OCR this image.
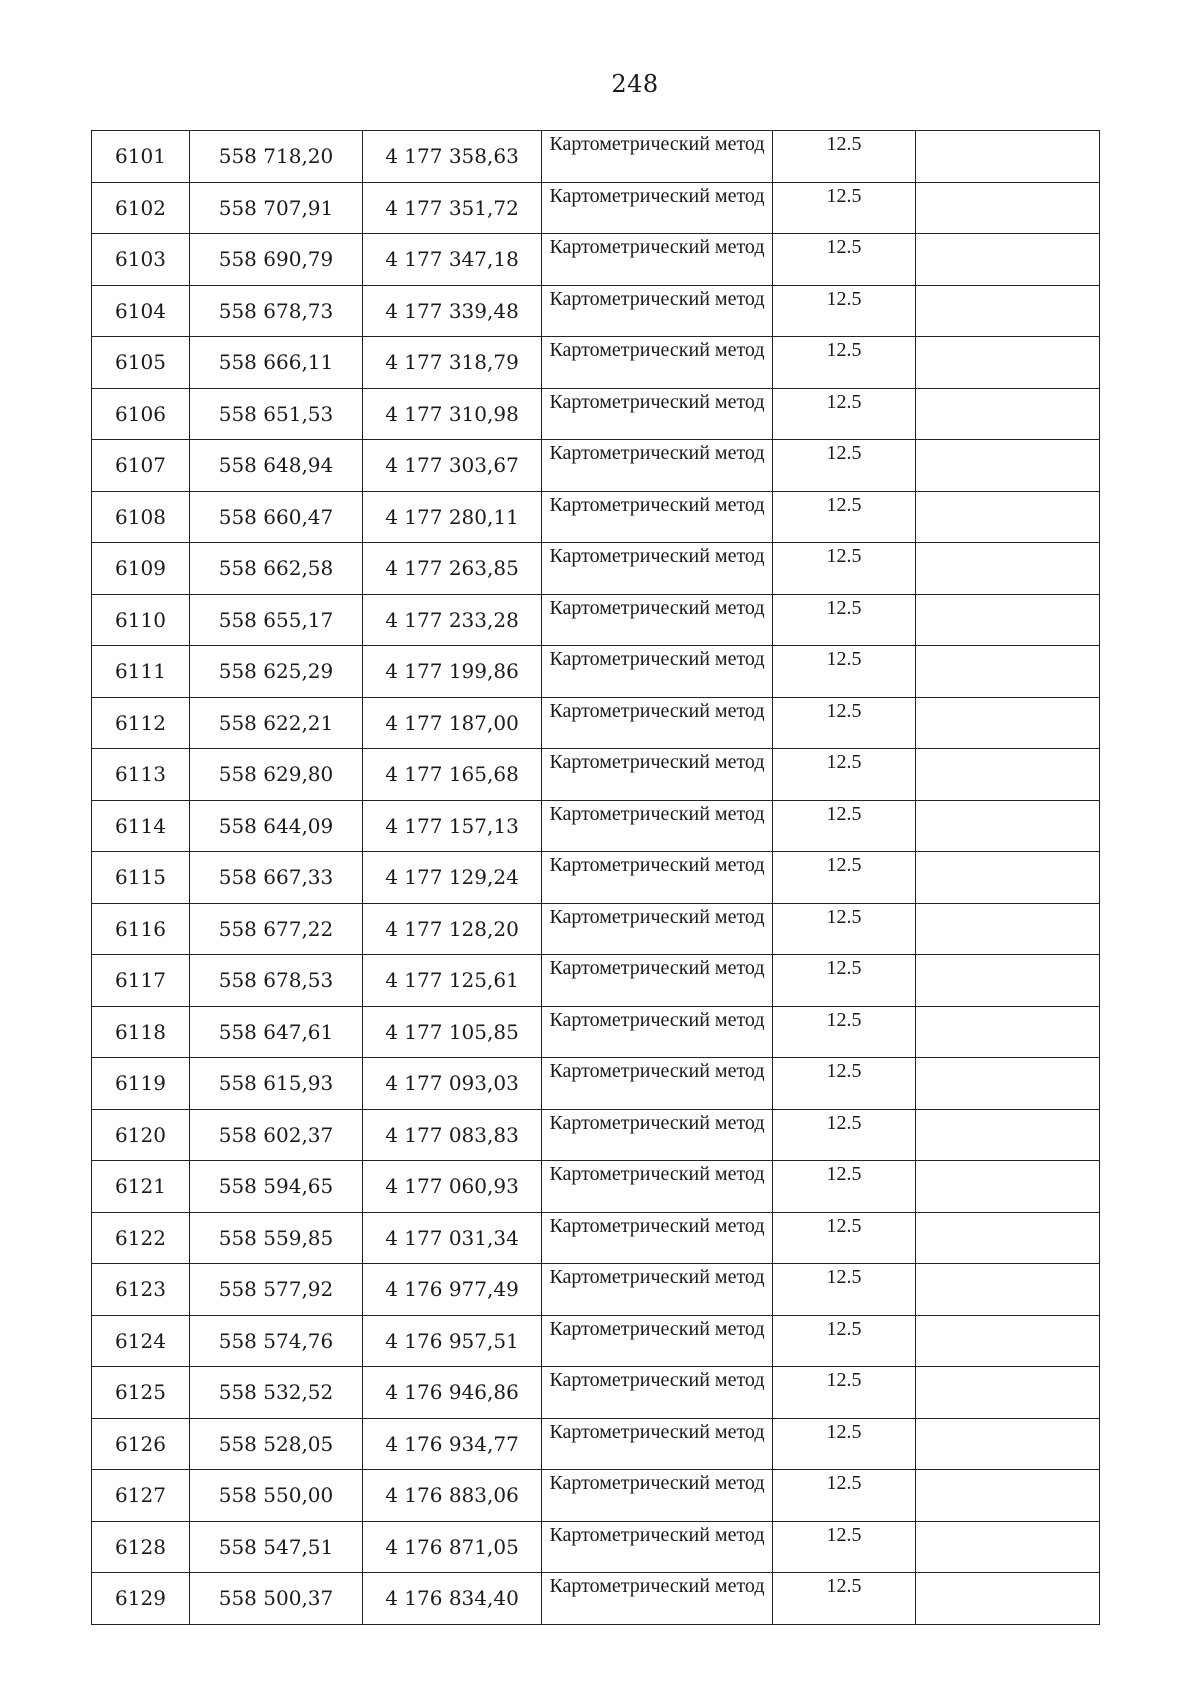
248
6101	558 718,20	4 177 358,63	Картометрический метод	12.5	

6102	558 707,91	4 177 351,72	Картометрический метод	12.5	

6103	558 690,79	4 177 347,18	Картометрический метод	12.5	

6104	558 678,73	4 177 339,48	Картометрический метод	12.5	

6105	558 666,11	4 177 318,79	Картометрический метод	12.5	

6106	558 651,53	4 177 310,98	Картометрический метод	12.5	

6107	558 648,94	4 177 303,67	Картометрический метод	12.5	

6108	558 660,47	4 177 280,11	Картометрический метод	12.5	

6109	558 662,58	4 177 263,85	Картометрический метод	12.5	

6110	558 655,17	4 177 233,28	Картометрический метод	12.5	

6111	558 625,29	4 177 199,86	Картометрический метод	12.5	

6112	558 622,21	4 177 187,00	Картометрический метод	12.5	

6113	558 629,80	4 177 165,68	Картометрический метод	12.5	

6114	558 644,09	4 177 157,13	Картометрический метод	12.5	

6115	558 667,33	4 177 129,24	Картометрический метод	12.5	

6116	558 677,22	4 177 128,20	Картометрический метод	12.5	

6117	558 678,53	4 177 125,61	Картометрический метод	12.5	

6118	558 647,61	4 177 105,85	Картометрический метод	12.5	

6119	558 615,93	4 177 093,03	Картометрический метод	12.5	

6120	558 602,37	4 177 083,83	Картометрический метод	12.5	

6121	558 594,65	4 177 060,93	Картометрический метод	12.5	

6122	558 559,85	4 177 031,34	Картометрический метод	12.5	

6123	558 577,92	4 176 977,49	Картометрический метод	12.5	

6124	558 574,76	4 176 957,51	Картометрический метод	12.5	

6125	558 532,52	4 176 946,86	Картометрический метод	12.5	

6126	558 528,05	4 176 934,77	Картометрический метод	12.5	

6127	558 550,00	4 176 883,06	Картометрический метод	12.5	

6128	558 547,51	4 176 871,05	Картометрический метод	12.5	

6129	558 500,37	4 176 834,40	Картометрический метод	12.5	
